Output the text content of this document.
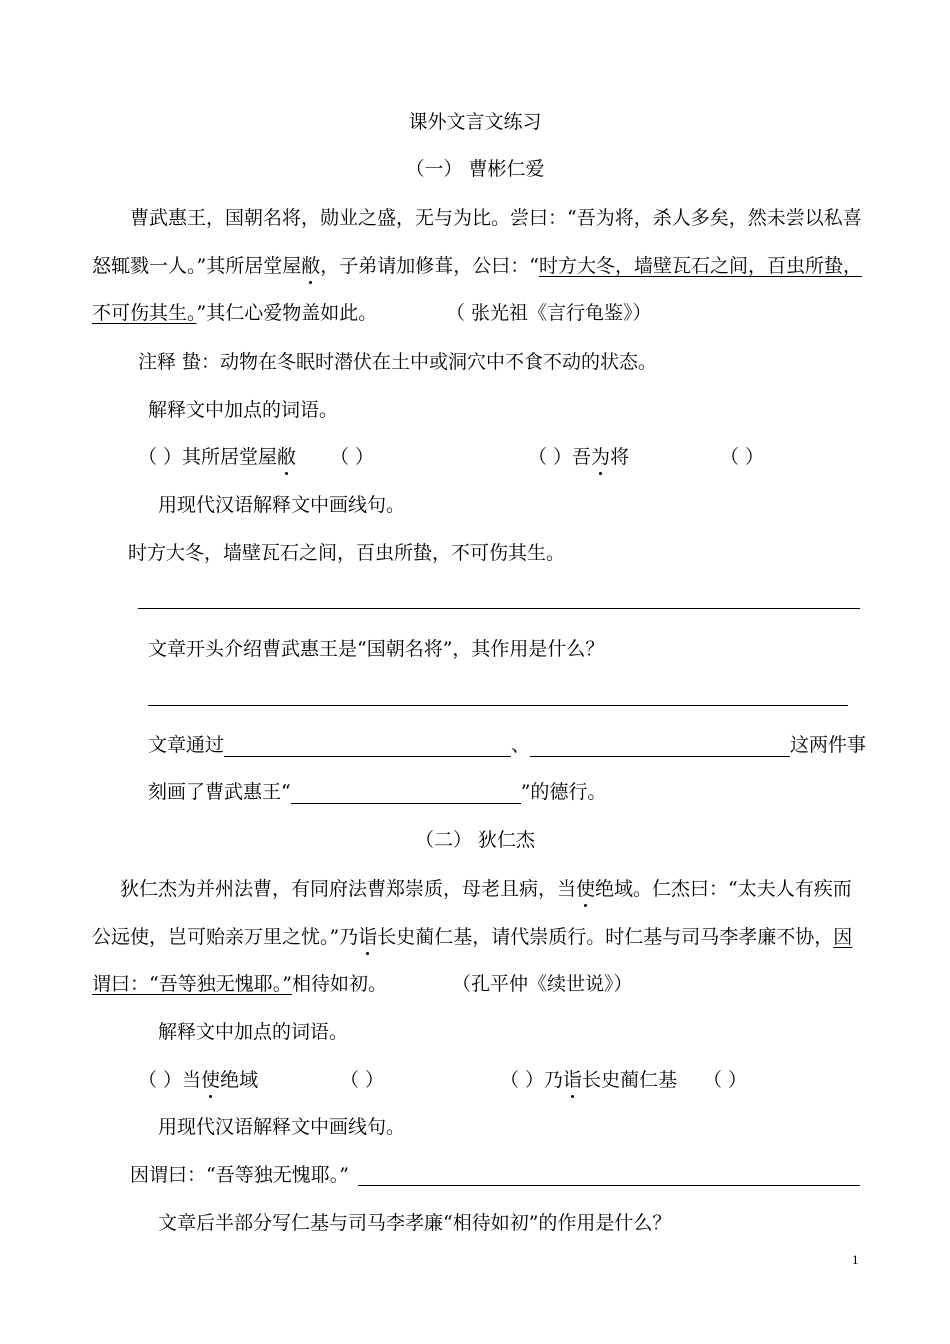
课外文言文练习
（一） 曹彬仁爱
曹武惠王，国朝名将，勋业之盛，无与为比。尝曰：“吾为将，杀人多矣，然未尝以私喜
怒辄戮一人。”其所居堂屋敝，子弟请加修葺，公曰：“时方大冬，墙壁瓦石之间，百虫所蛰，
不可伤其生。”其仁心爱物盖如此。	（ 张光祖《言行龟鉴》）
注释 蛰：动物在冬眠时潜伏在土中或洞穴中不食不动的状态。
解释文中加点的词语。
（ ）其所居堂屋敝 （ ）	（ ）吾为将	（ ）
用现代汉语解释文中画线句。
时方大冬，墙壁瓦石之间，百虫所蛰，不可伤其生。
文章开头介绍曹武惠王是“国朝名将”，其作用是什么？
文章通过	、	这两件事
刻画了曹武惠王“	”的德行。
（二） 狄仁杰
狄仁杰为并州法曹，有同府法曹郑崇质，母老且病，当使绝域。仁杰曰：“太夫人有疾而
公远使，岂可贻亲万里之忧。”乃诣长史蔺仁基，请代崇质行。时仁基与司马李孝廉不协，因
谓曰：“吾等独无愧耶。”相待如初。	（孔平仲《续世说》）
解释文中加点的词语。
（ ）当使绝域	（ ）	（ ）乃诣长史蔺仁基 （ ）
用现代汉语解释文中画线句。
因谓曰：“吾等独无愧耶。”
文章后半部分写仁基与司马李孝廉“相待如初”的作用是什么？
1
